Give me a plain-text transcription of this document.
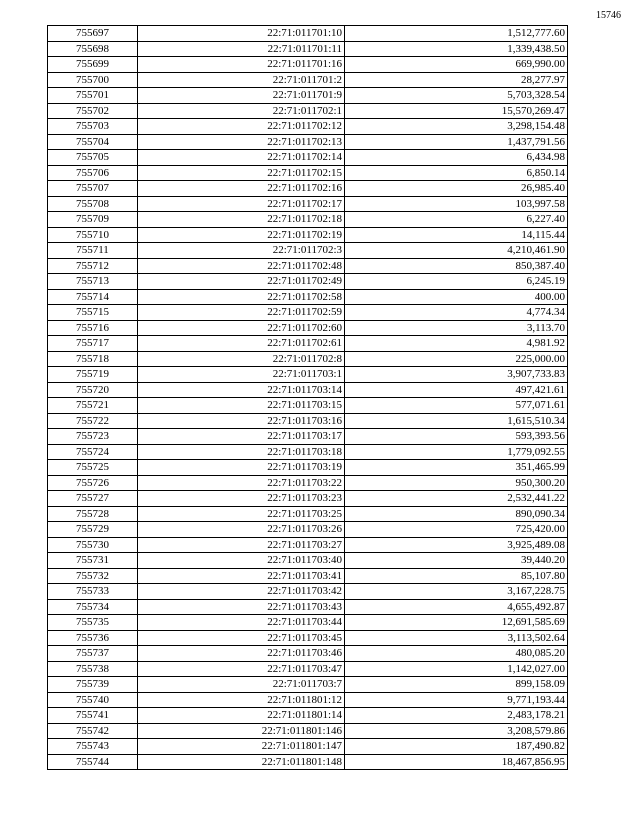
15746
755697	22:71:011701:10	1,512,777.60
755698	22:71:011701:11	1,339,438.50
755699	22:71:011701:16	669,990.00
755700	22:71:011701:2	28,277.97
755701	22:71:011701:9	5,703,328.54
755702	22:71:011702:1	15,570,269.47
755703	22:71:011702:12	3,298,154.48
755704	22:71:011702:13	1,437,791.56
755705	22:71:011702:14	6,434.98
755706	22:71:011702:15	6,850.14
755707	22:71:011702:16	26,985.40
755708	22:71:011702:17	103,997.58
755709	22:71:011702:18	6,227.40
755710	22:71:011702:19	14,115.44
755711	22:71:011702:3	4,210,461.90
755712	22:71:011702:48	850,387.40
755713	22:71:011702:49	6,245.19
755714	22:71:011702:58	400.00
755715	22:71:011702:59	4,774.34
755716	22:71:011702:60	3,113.70
755717	22:71:011702:61	4,981.92
755718	22:71:011702:8	225,000.00
755719	22:71:011703:1	3,907,733.83
755720	22:71:011703:14	497,421.61
755721	22:71:011703:15	577,071.61
755722	22:71:011703:16	1,615,510.34
755723	22:71:011703:17	593,393.56
755724	22:71:011703:18	1,779,092.55
755725	22:71:011703:19	351,465.99
755726	22:71:011703:22	950,300.20
755727	22:71:011703:23	2,532,441.22
755728	22:71:011703:25	890,090.34
755729	22:71:011703:26	725,420.00
755730	22:71:011703:27	3,925,489.08
755731	22:71:011703:40	39,440.20
755732	22:71:011703:41	85,107.80
755733	22:71:011703:42	3,167,228.75
755734	22:71:011703:43	4,655,492.87
755735	22:71:011703:44	12,691,585.69
755736	22:71:011703:45	3,113,502.64
755737	22:71:011703:46	480,085.20
755738	22:71:011703:47	1,142,027.00
755739	22:71:011703:7	899,158.09
755740	22:71:011801:12	9,771,193.44
755741	22:71:011801:14	2,483,178.21
755742	22:71:011801:146	3,208,579.86
755743	22:71:011801:147	187,490.82
755744	22:71:011801:148	18,467,856.95
